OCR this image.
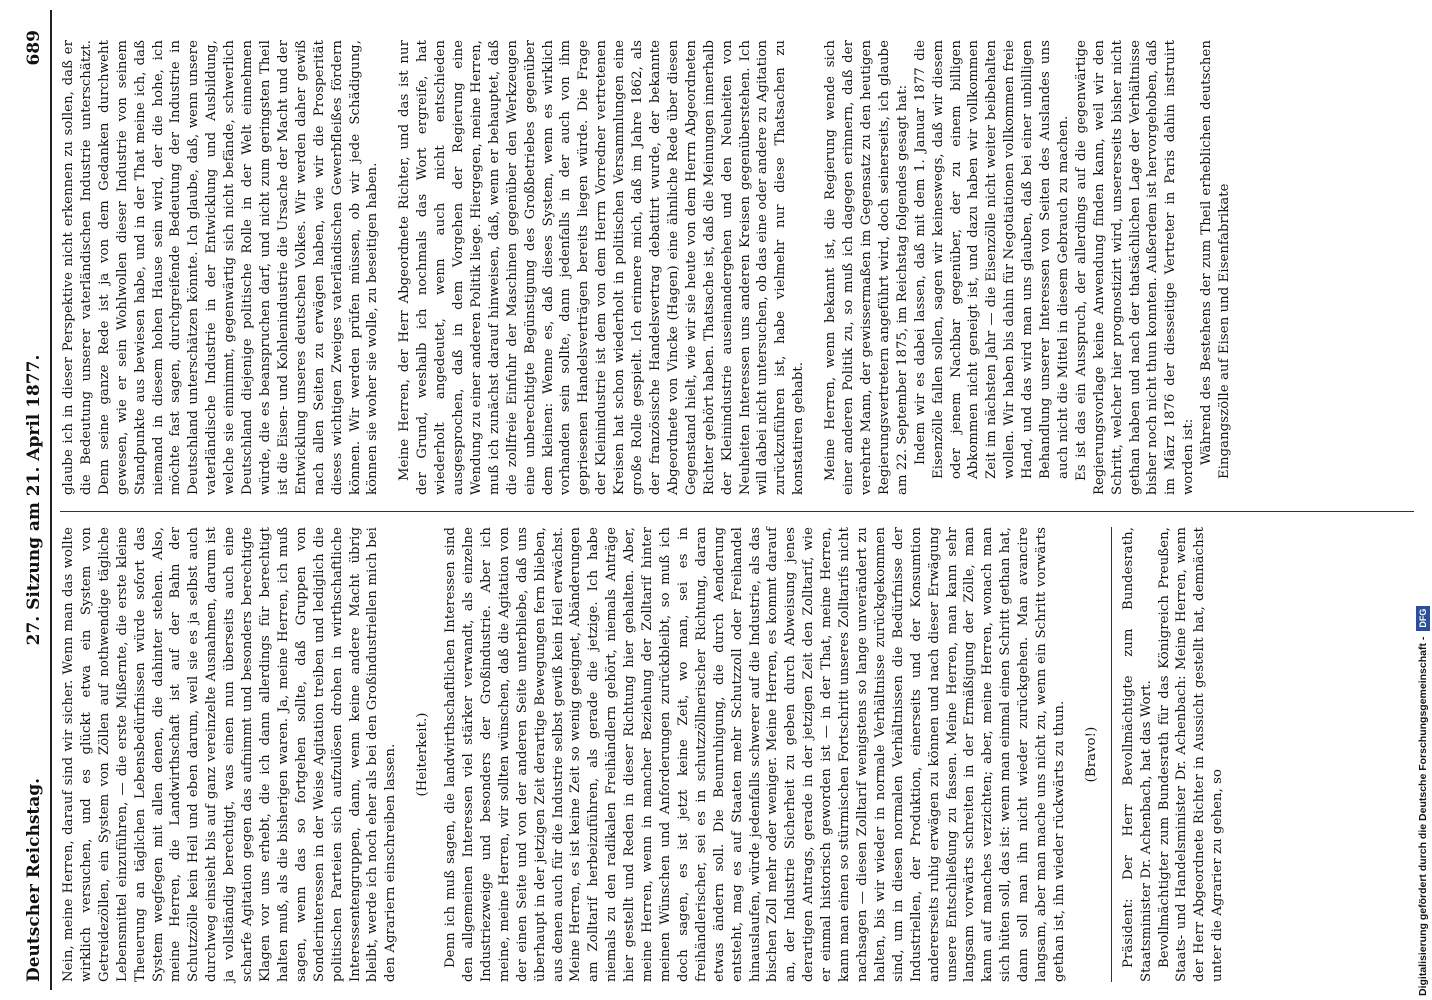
Deutscher Reichstag.
27. Sitzung am 21. April 1877.
689

Nein, meine Herren, darauf sind wir sicher. Wenn man das wollte wirklich versuchen, und es glückt etwa ein System von Getreidezöllen, ein System von Zöllen auf nothwendige tägliche Lebensmittel einzuführen, — die erste Mißernte, die erste kleine Theuerung an täglichen Lebensbedürfnissen würde sofort das System wegfegen mit allen denen, die dahinter stehen. Also, meine Herren, die Landwirthschaft ist auf der Bahn der Schutzzölle kein Heil und eben darum, weil sie es ja selbst auch durchweg einsieht bis auf ganz vereinzelte Ausnahmen, darum ist ja vollständig berechtigt, was einen nun überseits auch eine scharfe Agitation gegen das aufnimmt und besonders berechtigte Klagen vor uns erhebt, die ich dann allerdings für berechtigt halten muß, als die bisherigen waren. Ja, meine Herren, ich muß sagen, wenn das so fortgehen sollte, daß Gruppen von Sonderinteressen in der Weise Agitation treiben und lediglich die politischen Parteien sich aufzulösen drohen in wirthschaftliche Interessentengruppen, dann, wenn keine andere Macht übrig bleibt, werde ich noch eher als bei den Großindustriellen mich bei den Agrariern einschreiben lassen. (Heiterkeit.) Denn ich muß sagen, die landwirthschaftlichen Interessen sind den allgemeinen Interessen viel stärker verwandt, als einzelne Industriezweige und besonders der Großindustrie. Aber ich meine, meine Herren, wir sollten wünschen, daß die Agitation von der einen Seite und von der anderen Seite unterbliebe, daß uns überhaupt in der jetzigen Zeit derartige Bewegungen fern blieben, aus denen auch für die Industrie selbst gewiß kein Heil erwächst. Meine Herren, es ist keine Zeit so wenig geeignet, Abänderungen am Zolltarif herbeizuführen, als gerade die jetzige. Ich habe niemals zu den radikalen Freihändlern gehört, niemals Anträge hier gestellt und Reden in dieser Richtung hier gehalten. Aber, meine Herren, wenn in mancher Beziehung der Zolltarif hinter meinen Wünschen und Anforderungen zurückbleibt, so muß ich doch sagen, es ist jetzt keine Zeit, wo man, sei es in freihändlerischer, sei es in schutzzöllnerischer Richtung, daran etwas ändern soll. Die Beunruhigung, die durch Aenderung entsteht, mag es auf Staaten mehr Schutzzoll oder Freihandel hinauslaufen, würde jedenfalls schwerer auf die Industrie, als das bischen Zoll mehr oder weniger. Meine Herren, es kommt darauf an, der Industrie Sicherheit zu geben durch Abweisung jenes derartigen Antrags, gerade in der jetzigen Zeit den Zolltarif, wie er einmal historisch geworden ist — in der That, meine Herren, kann man einen so stürmischen Fortschritt unseres Zolltarifs nicht nachsagen — diesen Zolltarif wenigstens so lange unverändert zu halten, bis wir wieder in normale Verhältnisse zurückgekommen sind, um in diesen normalen Verhältnissen die Bedürfnisse der Industriellen, der Produktion, einerseits und der Konsumtion andererseits ruhig erwägen zu können und nach dieser Erwägung unsere Entschließung zu fassen. Meine Herren, man kann sehr langsam vorwärts schreiten in der Ermäßigung der Zölle, man kann auf manches verzichten; aber, meine Herren, wonach man sich hüten soll, das ist: wenn man einmal einen Schritt gethan hat, dann soll man ihn nicht wieder zurückgehen. Man avancire langsam, aber man mache uns nicht zu, wenn ein Schritt vorwärts gethan ist, ihn wieder rückwärts zu thun. (Bravo!) Präsident: Der Herr Bevollmächtigte zum Bundesrath, Staatsminister Dr. Achenbach, hat das Wort. Bevollmächtigter zum Bundesrath für das Königreich Preußen, Staats- und Handelsminister Dr. Achenbach: Meine Herren, wenn der Herr Abgeordnete Richter in Aussicht gestellt hat, demnächst unter die Agrarier zu gehen, so

glaube ich in dieser Perspektive nicht erkennen zu sollen, daß er die Bedeutung unserer vaterländischen Industrie unterschätzt. Denn seine ganze Rede ist ja von dem Gedanken durchweht gewesen, wie er sein Wohlwollen dieser Industrie von seinem Standpunkte aus bewiesen habe, und in der That meine ich, daß niemand in diesem hohen Hause sein wird, der die hohe, ich möchte fast sagen, durchgreifende Bedeutung der Industrie in Deutschland unterschätzen könnte. Ich glaube, daß, wenn unsere vaterländische Industrie in der Entwicklung und Ausbildung, welche sie einnimmt, gegenwärtig sich nicht befände, schwerlich Deutschland diejenige politische Rolle in der Welt einnehmen würde, die es beanspruchen darf, und nicht zum geringsten Theil ist die Eisen- und Kohlenindustrie die Ursache der Macht und der Entwicklung unseres deutschen Volkes. Wir werden daher gewiß nach allen Seiten zu erwägen haben, wie wir die Prosperität dieses wichtigen Zweiges vaterländischen Gewerbfleißes fördern können. Wir werden prüfen müssen, ob wir jede Schädigung, können sie woher sie wolle, zu beseitigen haben. Meine Herren, der Herr Abgeordnete Richter, und das ist nur der Grund, weshalb ich nochmals das Wort ergreife, hat wiederholt angedeutet, wenn auch nicht entschieden ausgesprochen, daß in dem Vorgehen der Regierung eine Wendung zu einer anderen Politik liege. Hiergegen, meine Herren, muß ich zunächst darauf hinweisen, daß, wenn er behauptet, daß die zollfreie Einfuhr der Maschinen gegenüber den Werkzeugen eine unberechtigte Begünstigung des Großbetriebes gegenüber dem kleinen: Wenne es, daß dieses System, wenn es wirklich vorhanden sein sollte, dann jedenfalls in der auch von ihm gepriesenen Handelsverträgen bereits liegen würde. Die Frage der Kleinindustrie ist dem von dem Herrn Vorredner vertretenen Kreisen hat schon wiederholt in politischen Versammlungen eine große Rolle gespielt. Ich erinnere mich, daß im Jahre 1862, als der französische Handelsvertrag debattirt wurde, der bekannte Abgeordnete von Vincke (Hagen) eine ähnliche Rede über diesen Gegenstand hielt, wie wir sie heute von dem Herrn Abgeordneten Richter gehört haben. Thatsache ist, daß die Meinungen innerhalb der Kleinindustrie auseinandergehen und den Neuheiten von Neuheiten Interessen uns anderen Kreisen gegenüberstehen. Ich will dabei nicht untersuchen, ob das eine oder andere zu Agitation zurückzuführen ist, habe vielmehr nur diese Thatsachen zu konstatiren gehabt. Meine Herren, wenn bekannt ist, die Regierung wende sich einer anderen Politik zu, so muß ich dagegen erinnern, daß der verehrte Mann, der gewissermaßen im Gegensatz zu den heutigen Regierungsvertretern angeführt wird, doch seinerseits, ich glaube am 22. September 1875, im Reichstag folgendes gesagt hat: Indem wir es dabei lassen, daß mit dem 1. Januar 1877 die Eisenzölle fallen sollen, sagen wir keineswegs, daß wir diesem oder jenem Nachbar gegenüber, der zu einem billigen Abkommen nicht geneigt ist, und dazu haben wir vollkommen Zeit im nächsten Jahr — die Eisenzölle nicht weiter beibehalten wollen. Wir haben bis dahin für Negotiationen vollkommen freie Hand, und das wird man uns glauben, daß bei einer unbilligen Behandlung unserer Interessen von Seiten des Auslandes uns auch nicht die Mittel in diesem Gebrauch zu machen. Es ist das ein Ausspruch, der allerdings auf die gegenwärtige Regierungsvorlage keine Anwendung finden kann, weil wir den Schritt, welcher hier prognostizirt wird, unsererseits bisher nicht gethan haben und nach der thatsächlichen Lage der Verhältnisse bisher noch nicht thun konnten. Außerdem ist hervorgehoben, daß im März 1876 der diesseitige Vertreter in Paris dahin instruirt worden ist: Während des Bestehens der zum Theil erheblichen deutschen Eingangszölle auf Eisen und Eisenfabrikate

Digitalisierung gefördert durch die Deutsche Forschungsgemeinschaft -DFG
